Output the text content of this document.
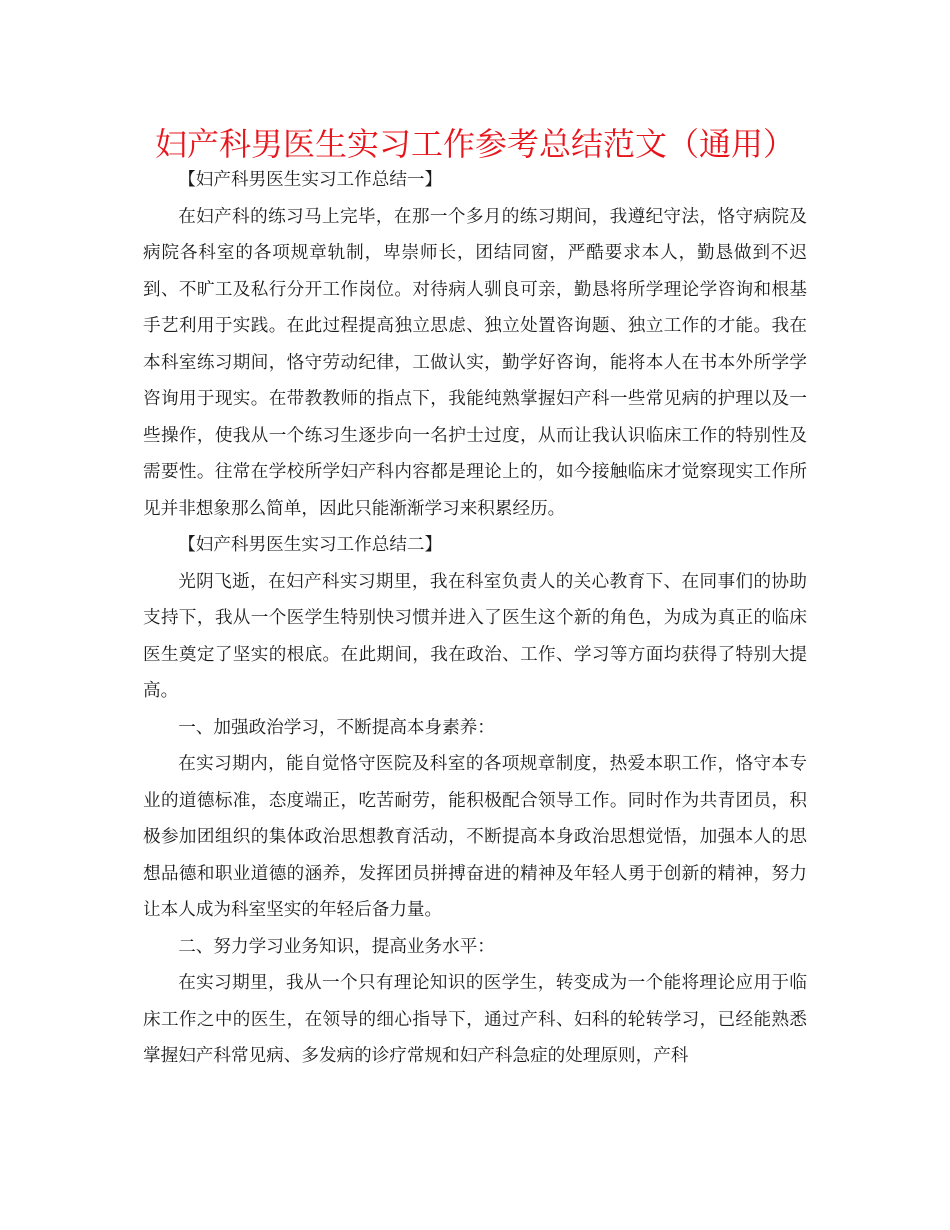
妇产科男医生实习工作参考总结范文（通用）

【妇产科男医生实习工作总结一】

在妇产科的练习马上完毕，在那一个多月的练习期间，我遵纪守法，恪守病院及病院各科室的各项规章轨制，卑崇师长，团结同窗，严酷要求本人，勤恳做到不迟到、不旷工及私行分开工作岗位。对待病人驯良可亲，勤恳将所学理论学咨询和根基手艺利用于实践。在此过程提高独立思虑、独立处置咨询题、独立工作的才能。我在本科室练习期间，恪守劳动纪律，工做认实，勤学好咨询，能将本人在书本外所学学咨询用于现实。在带教教师的指点下，我能纯熟掌握妇产科一些常见病的护理以及一些操作，使我从一个练习生逐步向一名护士过度，从而让我认识临床工作的特别性及需要性。往常在学校所学妇产科内容都是理论上的，如今接触临床才觉察现实工作所见并非想象那么简单，因此只能渐渐学习来积累经历。

【妇产科男医生实习工作总结二】

光阴飞逝，在妇产科实习期里，我在科室负责人的关心教育下、在同事们的协助支持下，我从一个医学生特别快习惯并进入了医生这个新的角色，为成为真正的临床医生奠定了坚实的根底。在此期间，我在政治、工作、学习等方面均获得了特别大提高。

一、加强政治学习，不断提高本身素养：

在实习期内，能自觉恪守医院及科室的各项规章制度，热爱本职工作，恪守本专业的道德标准，态度端正，吃苦耐劳，能积极配合领导工作。同时作为共青团员，积极参加团组织的集体政治思想教育活动，不断提高本身政治思想觉悟，加强本人的思想品德和职业道德的涵养，发挥团员拼搏奋进的精神及年轻人勇于创新的精神，努力让本人成为科室坚实的年轻后备力量。

二、努力学习业务知识，提高业务水平：

在实习期里，我从一个只有理论知识的医学生，转变成为一个能将理论应用于临床工作之中的医生，在领导的细心指导下，通过产科、妇科的轮转学习，已经能熟悉掌握妇产科常见病、多发病的诊疗常规和妇产科急症的处理原则，产科
